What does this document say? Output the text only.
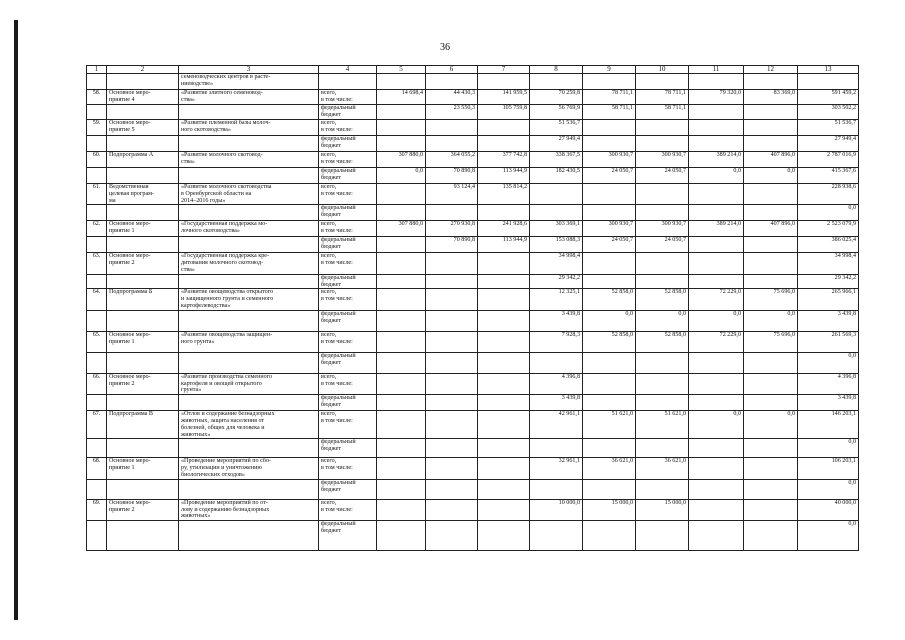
36
1	2	3	4	5	6	7	8	9	10	11	12	13
		семеноводческих центров в расте-
ниеводстве»										
58.	Основное меро-
приятие 4	«Развитие элитного семеновод-
ства»	всего,
в том числе:	14 698,4	44 430,3	141 959,5	70 259,8	78 711,1	78 711,1	79 320,0	83 369,0	591 459,2
			федеральный
бюджет		23 550,3	105 759,8	56 769,9	58 711,1	58 711,1			303 502,2
59.	Основное меро-
приятие 5	«Развитие племенной базы молоч-
ного скотоводства»	всего,
в том числе:				51 536,7					51 536,7
			федеральный
бюджет				27 949,4					27 949,4
60.	Подпрограмма А	«Развитие молочного скотовод-
ства»	всего,
в том числе:	307 880,0	364 055,2	377 742,8	338 367,5	300 930,7	300 930,7	389 214,0	407 896,0	2 787 016,9
			федеральный
бюджет	0,0	70 890,8	113 944,9	182 430,5	24 050,7	24 050,7	0,0	0,0	415 367,6
61.	Ведомственная
целевая програм-
ма	«Развитие молочного скотоводства
в Оренбургской области на
2014–2016 годы»	всего,
в том числе:		93 124,4	135 814,2						228 938,6
			федеральный
бюджет									0,0
62.	Основное меро-
приятие 1	«Государственная поддержка мо-
лочного скотоводства»	всего,
в том числе:	307 880,0	270 930,8	241 928,6	303 369,1	300 930,7	300 930,7	389 214,0	407 896,0	2 523 079,9
			федеральный
бюджет		70 890,8	113 944,9	153 088,3	24 050,7	24 050,7			386 025,4
63.	Основное меро-
приятие 2	«Государственная поддержка кре-
дитования молочного скотовод-
ства»	всего,
в том числе:				34 998,4					34 998,4
			федеральный
бюджет				29 342,2					29 342,2
64.	Подпрограмма Б	«Развитие овощеводства открытого
и защищенного грунта и семенного
картофелеводства»	всего,
в том числе:				12 325,1	52 858,0	52 858,0	72 229,0	75 696,0	265 966,1
			федеральный
бюджет				3 439,8	0,0	0,0	0,0	0,0	3 439,8
65.	Основное меро-
приятие 1	«Развитие овощеводства защищен-
ного грунта»	всего,
в том числе:				7 928,3	52 858,0	52 858,0	72 229,0	75 696,0	261 569,3
			федеральный
бюджет									0,0
66.	Основное меро-
приятие 2	«Развитие производства семенного
картофеля и овощей открытого
грунта»	всего,
в том числе:				4 396,8					4 396,8
			федеральный
бюджет				3 439,8					3 439,8
67.	Подпрограмма В	«Отлов и содержание безнадзорных
животных, защита населения от
болезней, общих для человека и
животных»	всего,
в том числе:				42 961,1	51 621,0	51 621,0	0,0	0,0	146 203,1
			федеральный
бюджет									0,0
68.	Основное меро-
приятие 1	«Проведение мероприятий по сбо-
ру, утилизации и уничтожению
биологических отходов»	всего,
в том числе:				32 961,1	36 621,0	36 621,0			106 203,1
			федеральный
бюджет									0,0
69.	Основное меро-
приятие 2	«Проведение мероприятий по от-
лову и содержанию безнадзорных
животных»	всего,
в том числе:				10 000,0	15 000,0	15 000,0			40 000,0
			федеральный
бюджет									0,0
